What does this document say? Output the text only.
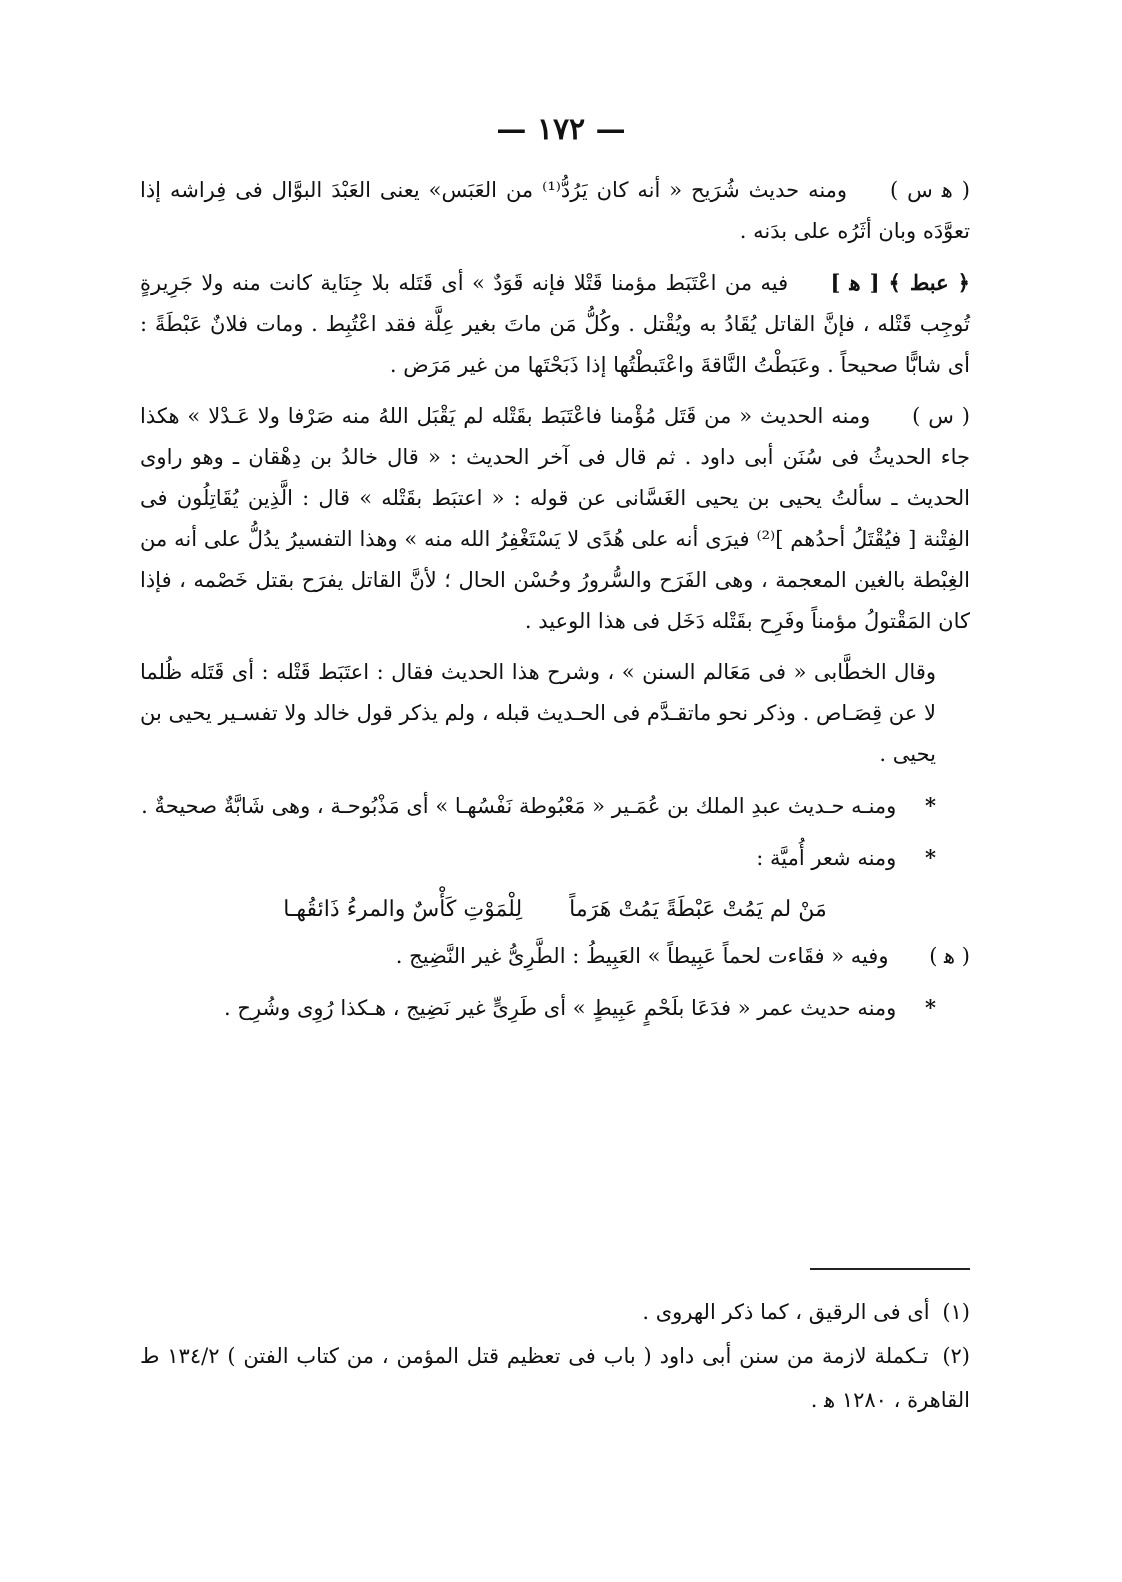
— ١٧٢ —

( ﻫ س ) ومنه حديث شُرَيح « أنه كان يَرُدُّ⁽¹⁾ من العَبَس» يعنى العَبْدَ البوَّال فى فِراشه إذا تعوَّدَه وبان أثَرُه على بدَنه .

﴿ عبط ﴾ [ ﻫ ] فيه من اعْتَبَط مؤمنا قَتْلا فإنه قَوَدٌ » أى قَتَله بلا جِنَاية كانت منه ولا جَرِيرةٍ تُوجِب قَتْله ، فإنَّ القاتل يُقَادُ به ويُقْتل . وكُلُّ مَن ماتَ بغير عِلَّة فقد اعْتُبِط . ومات فلانٌ عَبْطَةً : أى شابًّا صحيحاً . وعَبَطْتُ النَّاقةَ واعْتَبطْتُها إذا ذَبَحْتَها من غير مَرَض .

( س ) ومنه الحديث « من قَتَل مُؤْمنا فاعْتَبَط بقَتْله لم يَقْبَل اللهُ منه صَرْفا ولا عَـدْلا » هكذا جاء الحديثُ فى سُنَن أبى داود . ثم قال فى آخر الحديث : « قال خالدُ بن دِهْقان ـ وهو راوى الحديث ـ سألتُ يحيى بن يحيى الغَسَّانى عن قوله : « اعتبَط بقَتْله » قال : الَّذِين يُقَاتِلُون فى الفِتْنة [ فيُقْتَلُ أحدُهم ]⁽²⁾ فيرَى أنه على هُدًى لا يَسْتَغْفِرُ الله منه » وهذا التفسيرُ يدُلُّ على أنه من الغِبْطة بالغين المعجمة ، وهى الفَرَح والسُّرورُ وحُسْن الحال ؛ لأنَّ القاتل يفرَح بقتل خَصْمه ، فإذا كان المَقْتولُ مؤمناً وفَرِح بقَتْله دَخَل فى هذا الوعيد .

وقال الخطَّابى « فى مَعَالم السنن » ، وشرح هذا الحديث فقال : اعتَبَط قَتْله : أى قَتَله ظُلما لا عن قِصَـاص . وذكر نحو ماتقـدَّم فى الحـديث قبله ، ولم يذكر قول خالد ولا تفسـير يحيى بن يحيى .

* ومنـه حـديث عبدِ الملك بن عُمَـير « مَعْبُوطة نَفْسُهـا » أى مَذْبُوحـة ، وهى شَابَّةٌ صحيحةٌ .

* ومنه شعر أُميَّة :

مَنْ لم يَمُتْ عَبْطَةً يَمُتْ هَرَماً لِلْمَوْتِ كَأْسٌ والمرءُ ذَائقُهـا

( ﻫ ) وفيه « فقَاءت لحماً عَبِيطاً » العَبِيطُ : الطَّرِىُّ غير النَّضِيج .

* ومنه حديث عمر « فدَعَا بلَحْمٍ عَبِيطٍ » أى طَرِىٍّ غير نَضِيج ، هـكذا رُوِى وشُرِح .

(١) أى فى الرقيق ، كما ذكر الهروى .

(٢) تـكملة لازمة من سنن أبى داود ( باب فى تعظيم قتل المؤمن ، من كتاب الفتن ) ١٣٤/٢ ط القاهرة ، ١٢٨٠ ﻫ .
